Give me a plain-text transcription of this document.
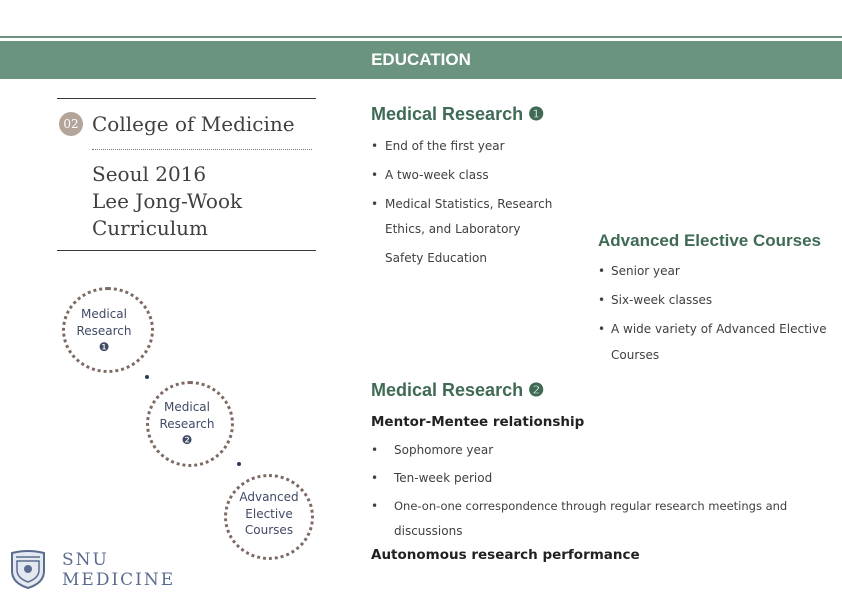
EDUCATION
02 College of Medicine
Seoul 2016
Lee Jong-Wook
Curriculum
Medical
Research
❶
Medical
Research
❷
Advanced
Elective
Courses
Medical Research ❶
• End of the first year
• A two-week class
• Medical Statistics, Research
Ethics, and Laboratory
Safety Education
Advanced Elective Courses
• Senior year
• Six-week classes
• A wide variety of Advanced Elective
Courses
Medical Research ❷
Mentor-Mentee relationship
• Sophomore year
• Ten-week period
• One-on-one correspondence through regular research meetings and
discussions
Autonomous research performance
SNU
MEDICINE
